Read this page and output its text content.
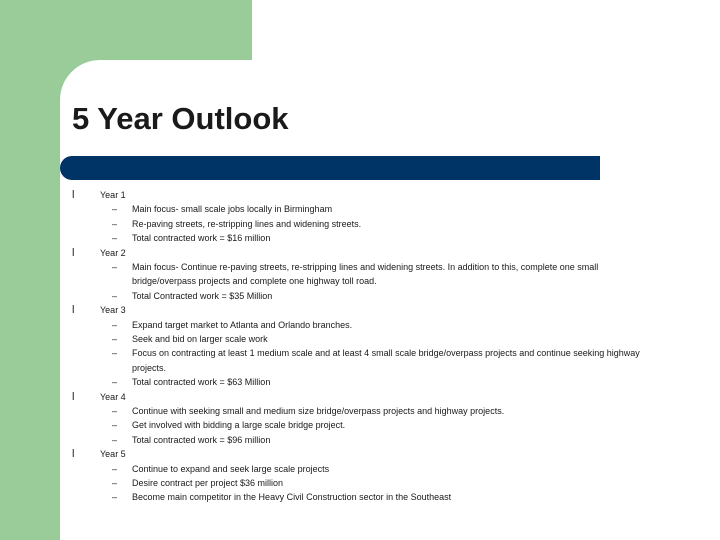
5 Year Outlook
l	Year 1
– Main focus- small scale jobs locally in Birmingham
– Re-paving streets, re-stripping lines and widening streets.
– Total contracted work = $16 million
l	Year 2
– Main focus- Continue re-paving streets, re-stripping lines and widening streets. In addition to this, complete one small bridge/overpass projects and complete one highway toll road.
– Total Contracted work = $35 Million
l	Year 3
– Expand target market to Atlanta and Orlando branches.
– Seek and bid on larger scale work
– Focus on contracting at least 1 medium scale and at least 4 small scale bridge/overpass projects and continue seeking highway projects.
– Total contracted work = $63 Million
l	Year 4
– Continue with seeking small and medium size bridge/overpass projects and highway projects.
– Get involved with bidding a large scale bridge project.
– Total contracted work = $96 million
l	Year 5
– Continue to expand and seek large scale projects
– Desire contract per project $36 million
– Become main competitor in the Heavy Civil Construction sector in the Southeast
